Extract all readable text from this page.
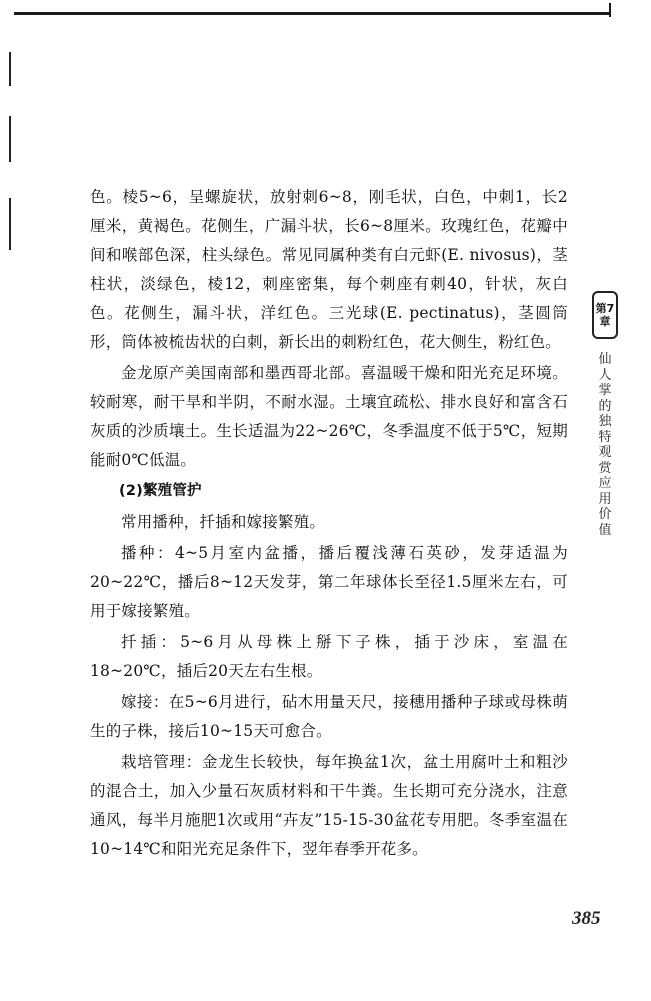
色。棱5~6，呈螺旋状，放射刺6~8，刚毛状，白色，中刺1，长2厘米，黄褐色。花侧生，广漏斗状，长6~8厘米。玫瑰红色，花瓣中间和喉部色深，柱头绿色。常见同属种类有白元虾(E. nivosus)，茎柱状，淡绿色，棱12，刺座密集，每个刺座有刺40，针状，灰白色。花侧生，漏斗状，洋红色。三光球(E. pectinatus)，茎圆筒形，筒体被梳齿状的白刺，新长出的刺粉红色，花大侧生，粉红色。

金龙原产美国南部和墨西哥北部。喜温暖干燥和阳光充足环境。较耐寒，耐干旱和半阴，不耐水湿。土壤宜疏松、排水良好和富含石灰质的沙质壤土。生长适温为22~26℃，冬季温度不低于5℃，短期能耐0℃低温。

(2)繁殖管护

常用播种，扦插和嫁接繁殖。

播种：4~5月室内盆播，播后覆浅薄石英砂，发芽适温为20~22℃，播后8~12天发芽，第二年球体长至径1.5厘米左右，可用于嫁接繁殖。

扦插：5~6月从母株上掰下子株，插于沙床，室温在18~20℃，插后20天左右生根。

嫁接：在5~6月进行，砧木用量天尺，接穗用播种子球或母株萌生的子株，接后10~15天可愈合。

栽培管理：金龙生长较快，每年换盆1次，盆土用腐叶土和粗沙的混合土，加入少量石灰质材料和干牛粪。生长期可充分浇水，注意通风，每半月施肥1次或用“卉友”15-15-30盆花专用肥。冬季室温在10~14℃和阳光充足条件下，翌年春季开花多。

第7
章
仙人掌的独特观赏应用价值
385
